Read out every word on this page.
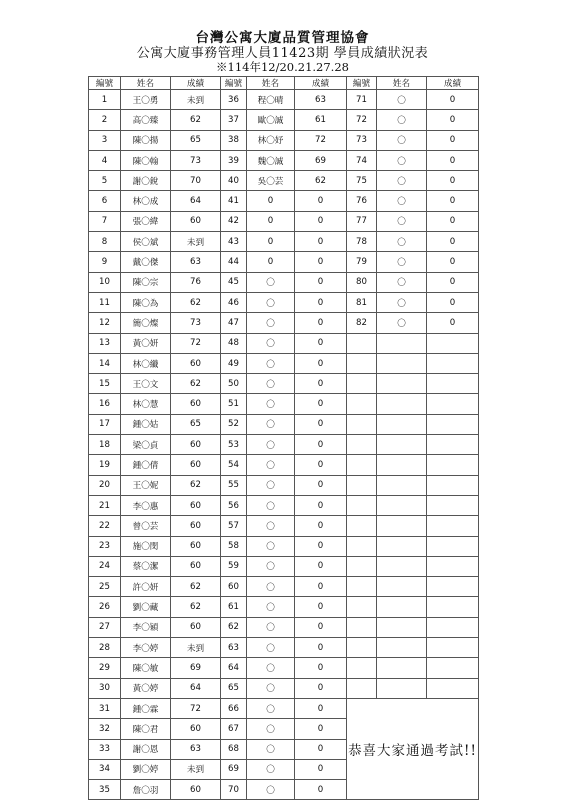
台灣公寓大廈品質管理協會
公寓大廈事務管理人員11423期 學員成績狀況表
※114年12/20.21.27.28
編號	姓名	成績	編號	姓名	成績	編號	姓名	成績
1	王〇勇	未到	36	程〇晴	63	71	〇	0
2	高〇臻	62	37	歐〇誠	61	72	〇	0
3	陳〇揚	65	38	林〇妤	72	73	〇	0
4	陳〇翰	73	39	魏〇誠	69	74	〇	0
5	謝〇銳	70	40	吳〇芸	62	75	〇	0
6	林〇成	64	41	0	0	76	〇	0
7	張〇緯	60	42	0	0	77	〇	0
8	侯〇斌	未到	43	0	0	78	〇	0
9	戴〇傑	63	44	0	0	79	〇	0
10	陳〇宗	76	45	〇	0	80	〇	0
11	陳〇為	62	46	〇	0	81	〇	0
12	簡〇燦	73	47	〇	0	82	〇	0
13	黃〇妍	72	48	〇	0			
14	林〇纖	60	49	〇	0			
15	王〇文	62	50	〇	0			
16	林〇慧	60	51	〇	0			
17	鍾〇姑	65	52	〇	0			
18	梁〇貞	60	53	〇	0			
19	鍾〇倩	60	54	〇	0			
20	王〇妮	62	55	〇	0			
21	李〇惠	60	56	〇	0			
22	曾〇芸	60	57	〇	0			
23	施〇閔	60	58	〇	0			
24	蔡〇潔	60	59	〇	0			
25	許〇妍	62	60	〇	0			
26	劉〇藏	62	61	〇	0			
27	李〇穎	60	62	〇	0			
28	李〇婷	未到	63	〇	0			
29	陳〇敏	69	64	〇	0			
30	黃〇婷	64	65	〇	0			
31	鍾〇霖	72	66	〇	0	恭喜大家通過考試!!		
32	陳〇君	60	67	〇	0			
33	謝〇恩	63	68	〇	0			
34	劉〇婷	未到	69	〇	0			
35	詹〇羽	60	70	〇	0			
